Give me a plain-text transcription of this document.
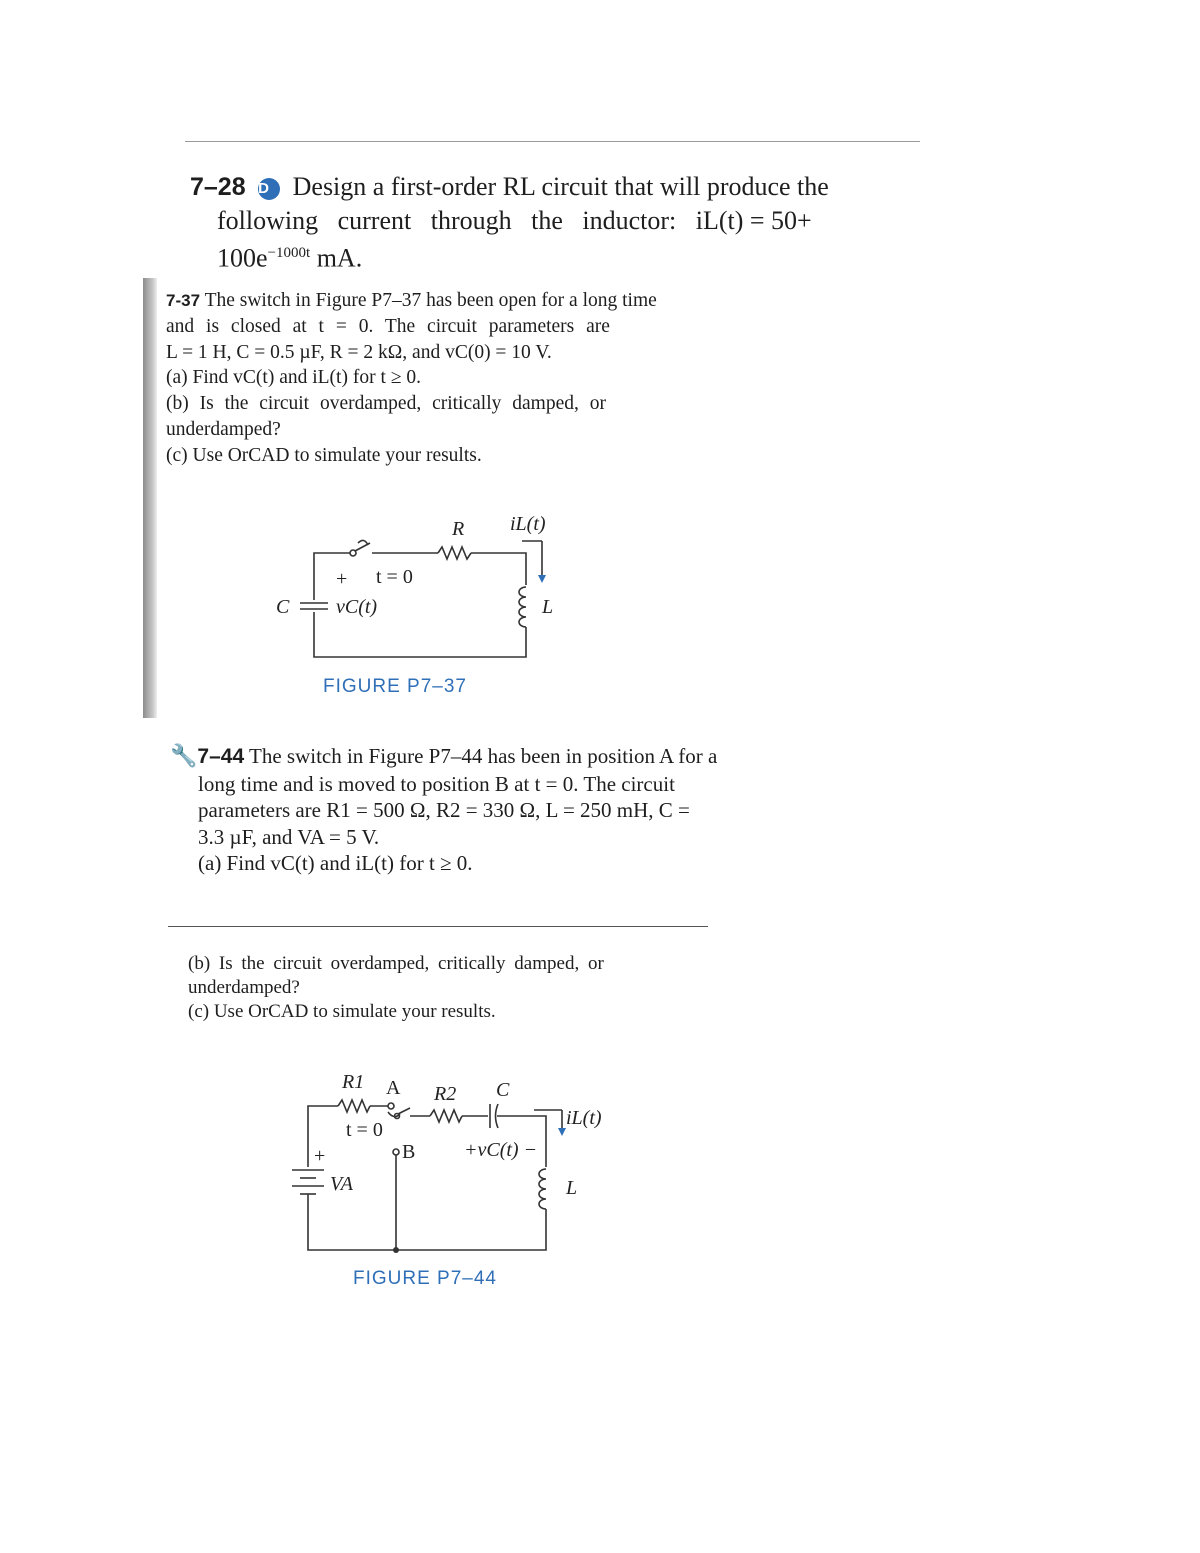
7–28 D Design a first-order RL circuit that will produce the
following   current   through   the   inductor:   iL(t) = 50+
$100e^{-1000t}$ mA.
7-37 The switch in Figure P7–37 has been open for a long time
and is closed at t = 0. The circuit parameters are
L = 1 H, C = 0.5 µF, R = 2 kΩ, and vC(0) = 10 V.
(a) Find vC(t) and iL(t) for t ≥ 0.
(b) Is the circuit overdamped, critically damped, or
underdamped?
(c) Use OrCAD to simulate your results.
R iL(t)
t = 0
+
C vC(t)	L
FIGURE P7–37
🔧7–44 The switch in Figure P7–44 has been in position A for a
long time and is moved to position B at t = 0. The circuit
parameters are R1 = 500 Ω, R2 = 330 Ω, L = 250 mH, C =
3.3 µF, and VA = 5 V.
(a) Find vC(t) and iL(t) for t ≥ 0.
(b) Is the circuit overdamped, critically damped, or
underdamped?
(c) Use OrCAD to simulate your results.
R1 A R2 C
iL(t)
t = 0
B +vC(t) −
+
VA	L
FIGURE P7–44
